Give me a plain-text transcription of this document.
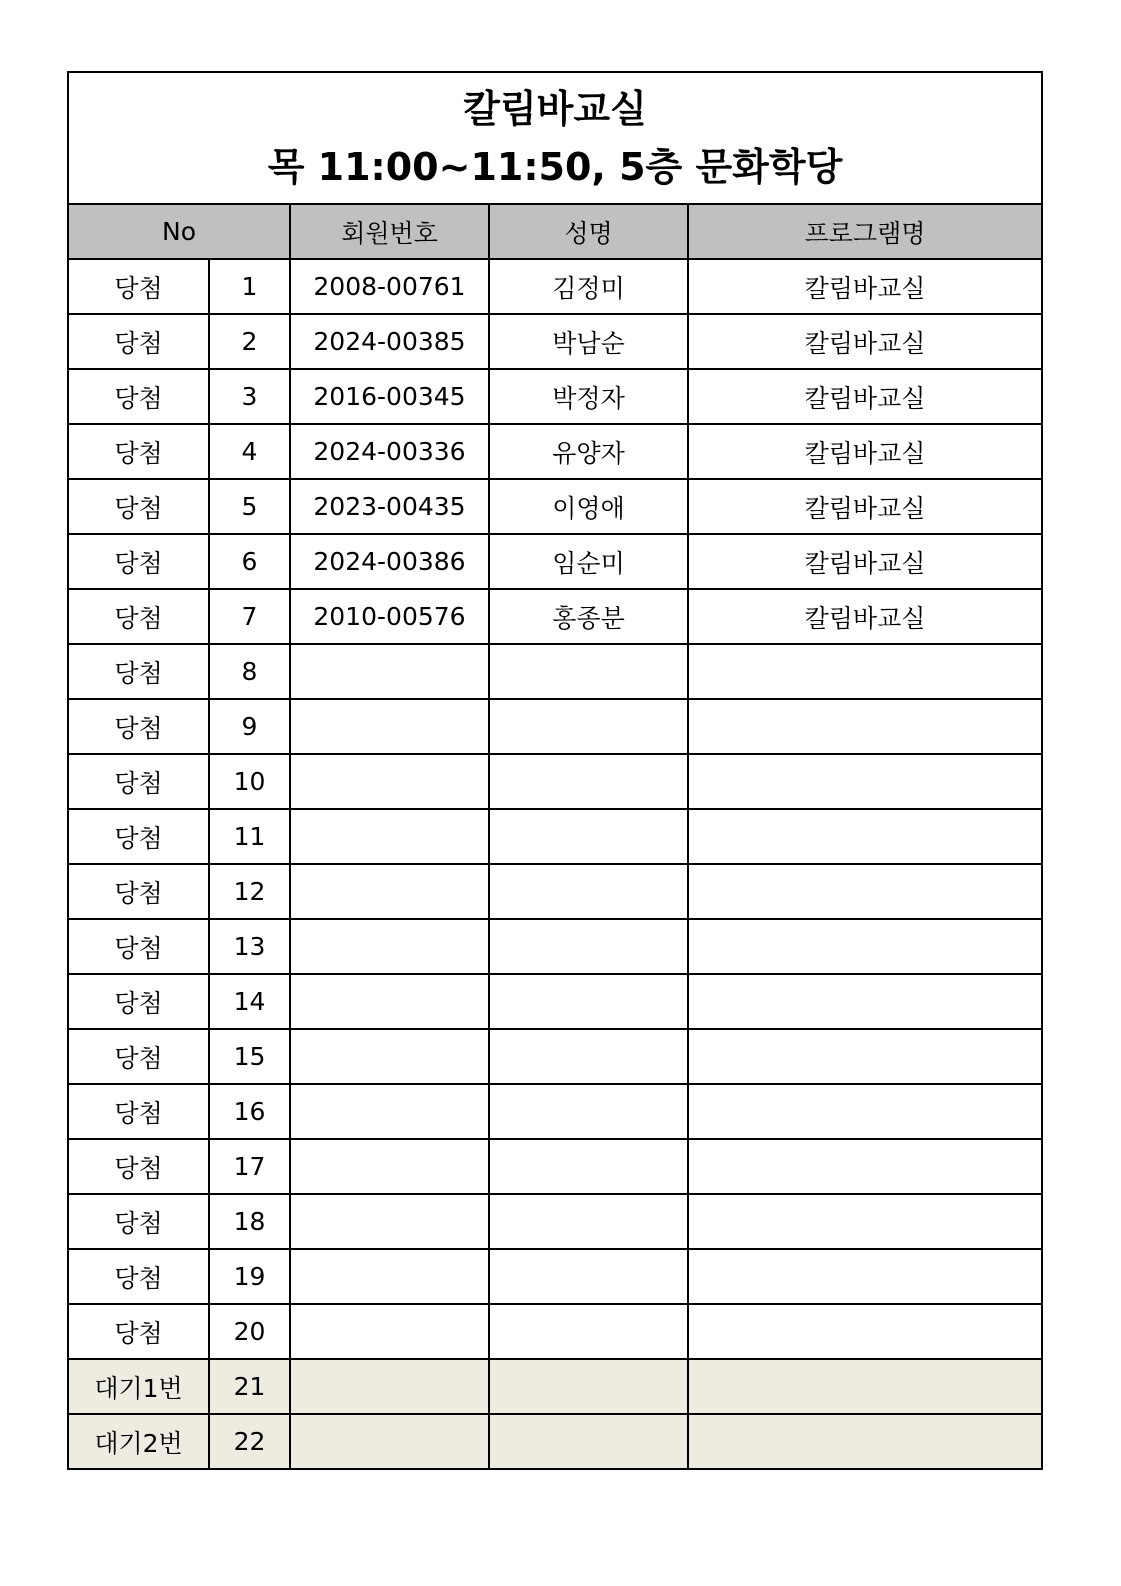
칼림바교실
목 11:00~11:50, 5층 문화학당				

No		회원번호	성명	프로그램명
당첨	1	2008-00761	김정미	칼림바교실
당첨	2	2024-00385	박남순	칼림바교실
당첨	3	2016-00345	박정자	칼림바교실
당첨	4	2024-00336	유양자	칼림바교실
당첨	5	2023-00435	이영애	칼림바교실
당첨	6	2024-00386	임순미	칼림바교실
당첨	7	2010-00576	홍종분	칼림바교실
당첨	8			
당첨	9			
당첨	10			
당첨	11			
당첨	12			
당첨	13			
당첨	14			
당첨	15			
당첨	16			
당첨	17			
당첨	18			
당첨	19			
당첨	20			
대기1번	21			
대기2번	22			
